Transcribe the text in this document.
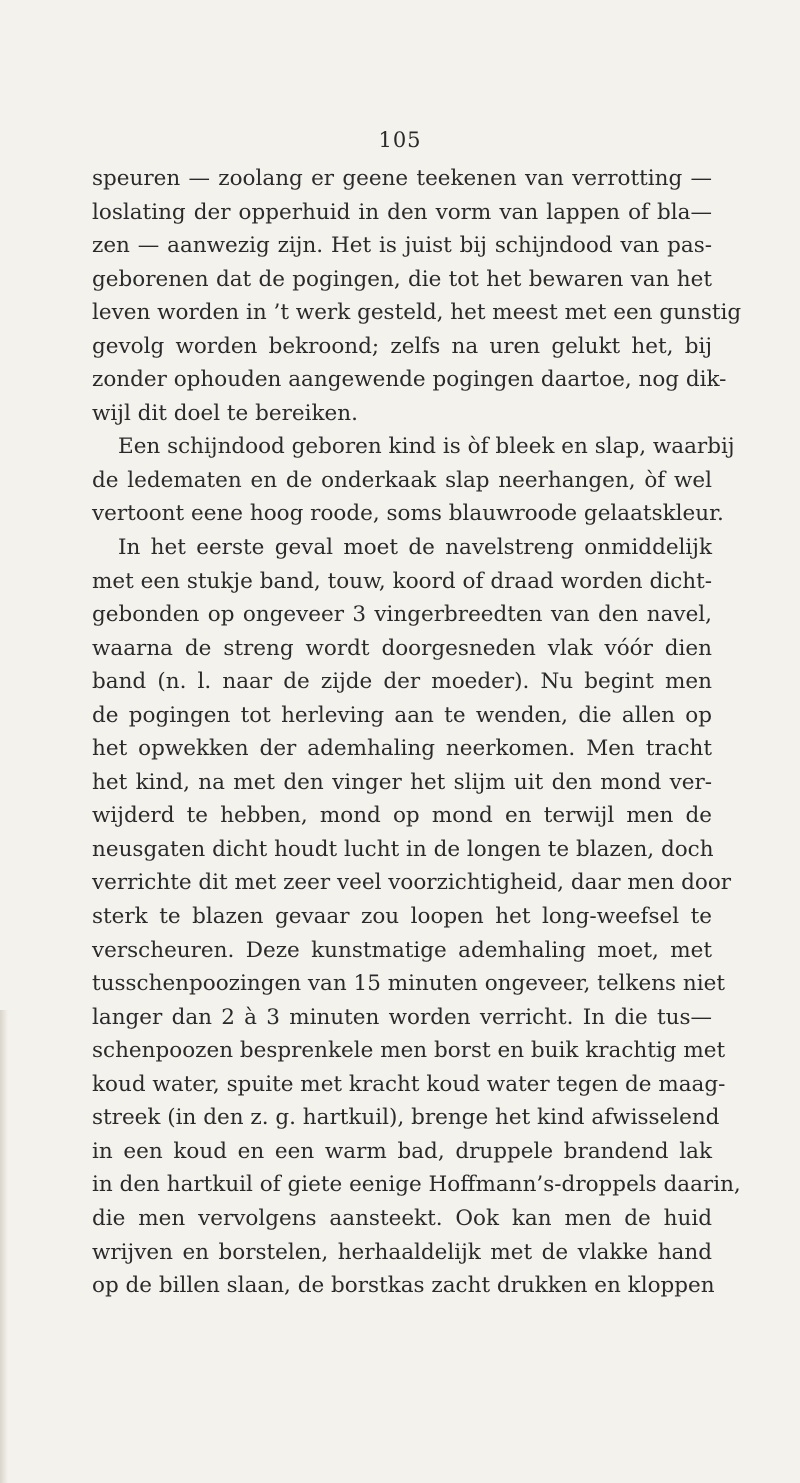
105
speuren — zoolang er geene teekenen van verrotting —
loslating der opperhuid in den vorm van lappen of bla—
zen — aanwezig zijn. Het is juist bij schijndood van pas-
geborenen dat de pogingen, die tot het bewaren van het
leven worden in ’t werk gesteld, het meest met een gunstig
gevolg worden bekroond; zelfs na uren gelukt het, bij
zonder ophouden aangewende pogingen daartoe, nog dik-
wijl dit doel te bereiken.
Een schijndood geboren kind is òf bleek en slap, waarbij
de ledematen en de onderkaak slap neerhangen, òf wel
vertoont eene hoog roode, soms blauwroode gelaatskleur.
In het eerste geval moet de navelstreng onmiddelijk
met een stukje band, touw, koord of draad worden dicht-
gebonden op ongeveer 3 vingerbreedten van den navel,
waarna de streng wordt doorgesneden vlak vóór dien
band (n. l. naar de zijde der moeder). Nu begint men
de pogingen tot herleving aan te wenden, die allen op
het opwekken der ademhaling neerkomen. Men tracht
het kind, na met den vinger het slijm uit den mond ver-
wijderd te hebben, mond op mond en terwijl men de
neusgaten dicht houdt lucht in de longen te blazen, doch
verrichte dit met zeer veel voorzichtigheid, daar men door
sterk te blazen gevaar zou loopen het long-weefsel te
verscheuren. Deze kunstmatige ademhaling moet, met
tusschenpoozingen van 15 minuten ongeveer, telkens niet
langer dan 2 à 3 minuten worden verricht. In die tus—
schenpoozen besprenkele men borst en buik krachtig met
koud water, spuite met kracht koud water tegen de maag-
streek (in den z. g. hartkuil), brenge het kind afwisselend
in een koud en een warm bad, druppele brandend lak
in den hartkuil of giete eenige Hoffmann’s-droppels daarin,
die men vervolgens aansteekt. Ook kan men de huid
wrijven en borstelen, herhaaldelijk met de vlakke hand
op de billen slaan, de borstkas zacht drukken en kloppen
